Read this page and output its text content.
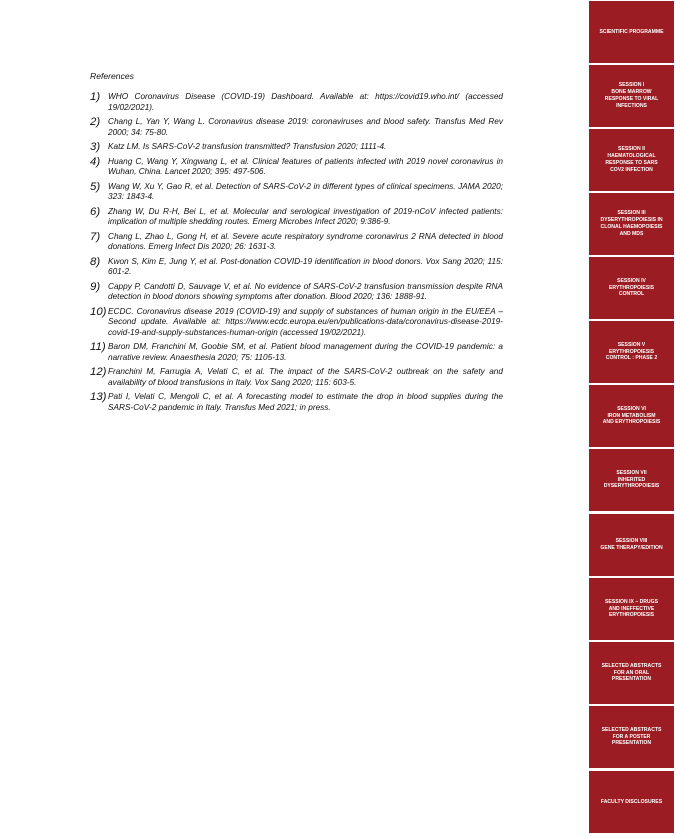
References
1) WHO Coronavirus Disease (COVID-19) Dashboard. Available at: https://covid19.who.int/ (accessed 19/02/2021).
2) Chang L, Yan Y, Wang L. Coronavirus disease 2019: coronaviruses and blood safety. Transfus Med Rev 2000; 34: 75-80.
3) Katz LM. Is SARS-CoV-2 transfusion transmitted? Transfusion 2020; 1111-4.
4) Huang C, Wang Y, Xingwang L, et al. Clinical features of patients infected with 2019 novel coronavirus in Wuhan, China. Lancet 2020; 395: 497-506.
5) Wang W, Xu Y, Gao R, et al. Detection of SARS-CoV-2 in different types of clinical specimens. JAMA 2020; 323: 1843-4.
6) Zhang W, Du R-H, Bei L, et al. Molecular and serological investigation of 2019-nCoV infected patients: implication of multiple shedding routes. Emerg Microbes Infect 2020; 9:386-9.
7) Chang L, Zhao L, Gong H, et al. Severe acute respiratory syndrome coronavirus 2 RNA detected in blood donations. Emerg Infect Dis 2020; 26: 1631-3.
8) Kwon S, Kim E, Jung Y, et al. Post-donation COVID-19 identification in blood donors. Vox Sang 2020; 115: 601-2.
9) Cappy P, Candotti D, Sauvage V, et al. No evidence of SARS-CoV-2 transfusion transmission despite RNA detection in blood donors showing symptoms after donation. Blood 2020; 136: 1888-91.
10) ECDC. Coronavirus disease 2019 (COVID-19) and supply of substances of human origin in the EU/EEA – Second update. Available at: https://www.ecdc.europa.eu/en/publications-data/coronavirus-disease-2019-covid-19-and-supply-substances-human-origin (accessed 19/02/2021).
11) Baron DM, Franchini M, Goobie SM, et al. Patient blood management during the COVID-19 pandemic: a narrative review. Anaesthesia 2020; 75: 1105-13.
12) Franchini M, Farrugia A, Velati C, et al. The impact of the SARS-CoV-2 outbreak on the safety and availability of blood transfusions in Italy. Vox Sang 2020; 115: 603-5.
13) Pati I, Velati C, Mengoli C, et al. A forecasting model to estimate the drop in blood supplies during the SARS-CoV-2 pandemic in Italy. Transfus Med 2021; in press.
SCIENTIFIC PROGRAMME
SESSION I
BONE MARROW
RESPONSE TO VIRAL
INFECTIONS
SESSION II
HAEMATOLOGICAL
RESPONSE TO SARS
COV2 INFECTION
SESSION III
DYSERYTHROPOIESIS IN
CLONAL HAEMOPOIESIS
AND MDS
SESSION IV
ERYTHROPOIESIS
CONTROL
SESSION V
ERYTHROPOIESIS
CONTROL : PHASE 2
SESSION VI
IRON METABOLISM
AND ERYTHROPOIESIS
SESSION VII
INHERITED
DYSERYTHROPOIESIS
SESSION VIII
GENE THERAPY/EDITION
SESSION IX – DRUGS
AND INEFFECTIVE
ERYTHROPOIESIS
SELECTED ABSTRACTS
FOR AN ORAL
PRESENTATION
SELECTED ABSTRACTS
FOR A POSTER
PRESENTATION
FACULTY DISCLOSURES
